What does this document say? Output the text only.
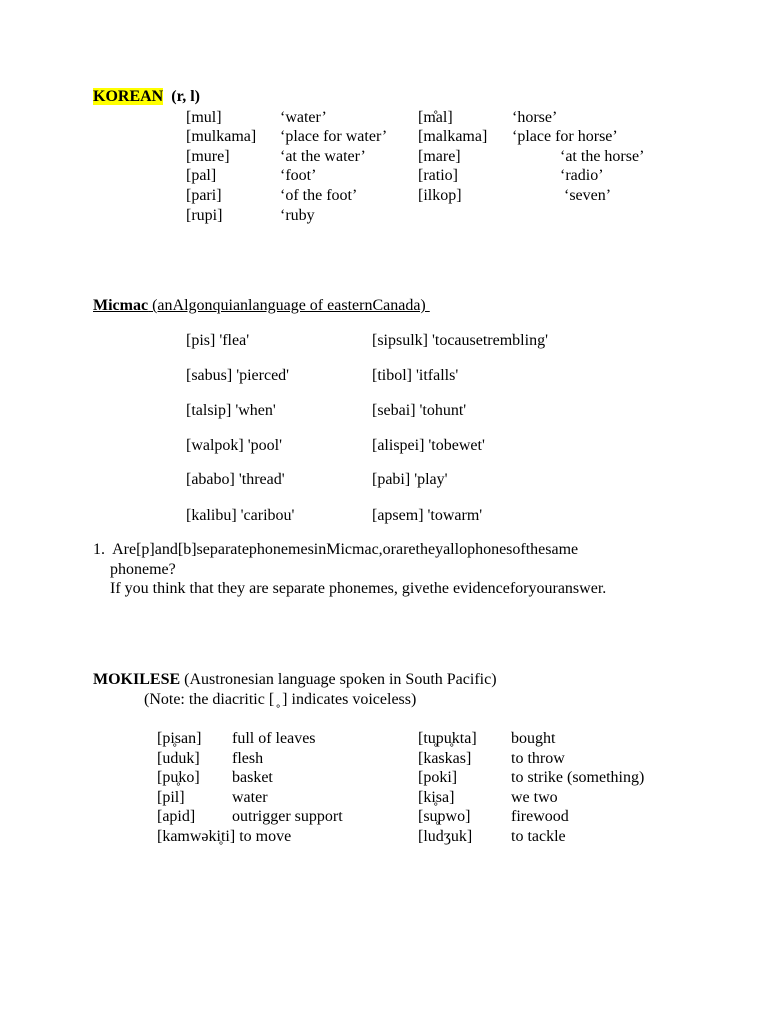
KOREAN (r, l)
[mul]	‘water’	[m̊al]	‘horse’
[mulkama] ‘place for water’ [malkama] ‘place for horse’
[mure]	‘at the water’	[mare]	‘at the horse’
[pal]	‘foot’	[ratio]	‘radio’
[pari]	‘of the foot’	[ilkop]	‘seven’
[rupi]	‘ruby
Micmac (anAlgonquianlanguage of easternCanada)
[pis] 'flea'	[sipsulk] 'tocausetrembling'
[sabus] 'pierced'	[tibol] 'itfalls'
[talsip] 'when'	[sebai] 'tohunt'
[walpok] 'pool'	[alispei] 'tobewet'
[ababo] 'thread'	[pabi] 'play'
[kalibu] 'caribou'	[apsem] 'towarm'
1.  Are[p]and[b]separatephonemesinMicmac,oraretheyallophonesofthesame
phoneme?
If you think that they are separate phonemes, givethe evidenceforyouranswer.
MOKILESE (Austronesian language spoken in South Pacific)
(Note: the diacritic [ ̥ ] indicates voiceless)
[pi̥san] full of leaves	[tu̥pu̥kta] bought
[uduk] flesh	[kaskas] to throw
[pu̥ko] basket	[poki]	to strike (something)
[pil]	water	[ki̥sa]	we two
[apid] outrigger support	[su̥pwo]	firewood
[kamwəki̥ti] to move	[ludʒuk] to tackle
